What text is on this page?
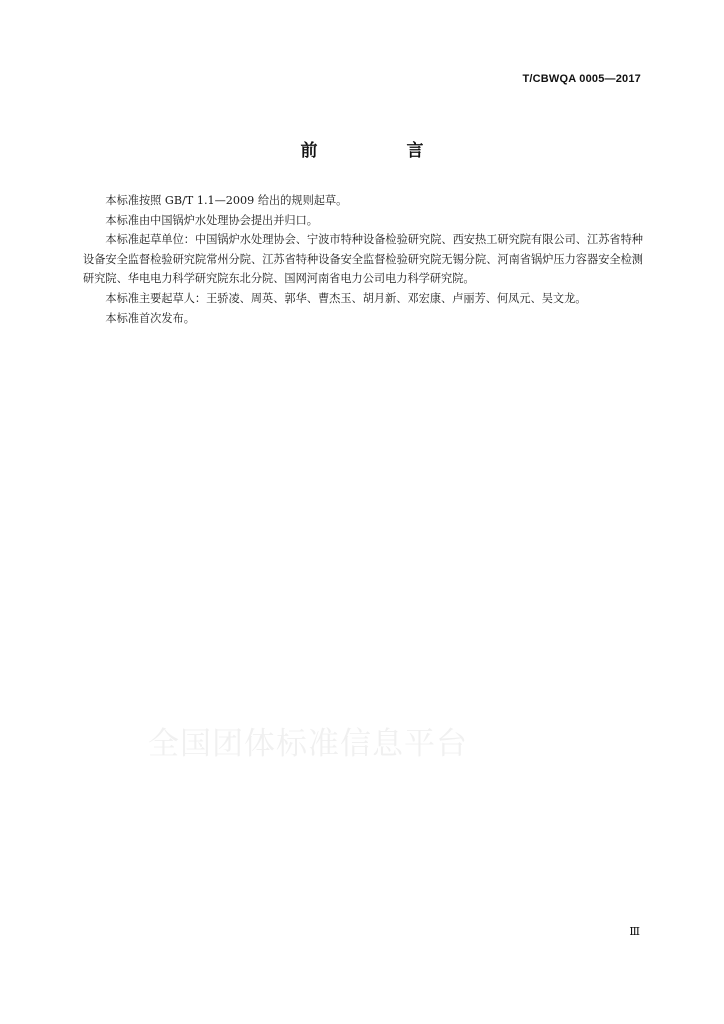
T/CBWQA 0005—2017
前　言

本标准按照 GB/T 1.1—2009 给出的规则起草。

本标准由中国锅炉水处理协会提出并归口。

本标准起草单位：中国锅炉水处理协会、宁波市特种设备检验研究院、西安热工研究院有限公司、江苏省特种设备安全监督检验研究院常州分院、江苏省特种设备安全监督检验研究院无锡分院、河南省锅炉压力容器安全检测研究院、华电电力科学研究院东北分院、国网河南省电力公司电力科学研究院。

本标准主要起草人：王骄凌、周英、郭华、曹杰玉、胡月新、邓宏康、卢丽芳、何凤元、吴文龙。

本标准首次发布。

全国团体标准信息平台
Ⅲ
